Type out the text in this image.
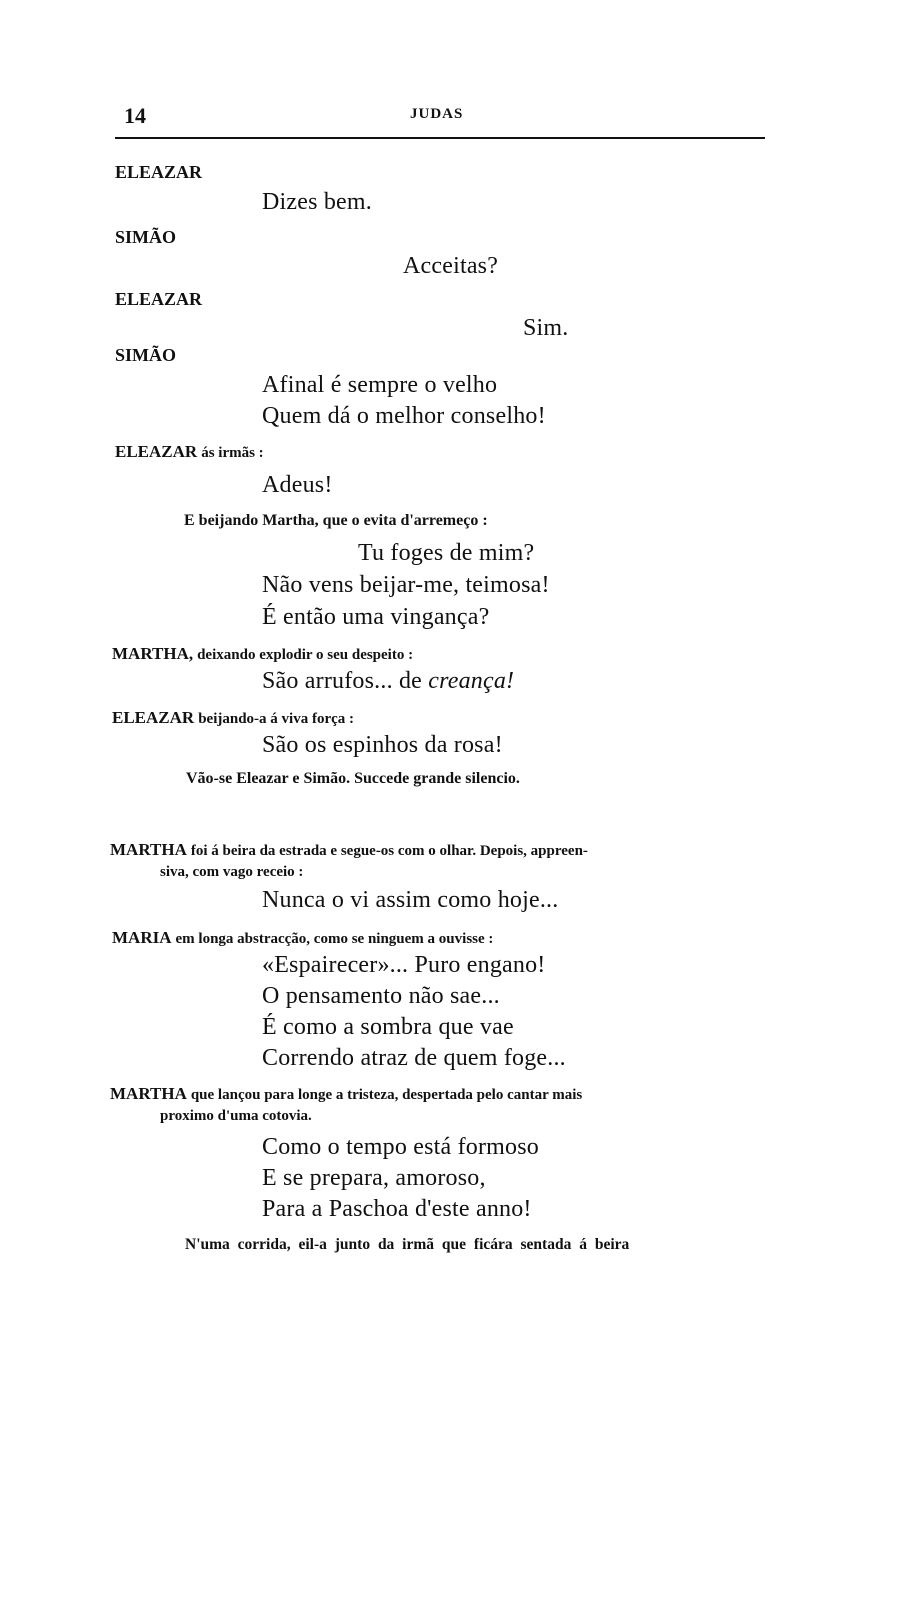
14	JUDAS
ELEAZAR
Dizes bem.
SIMÃO
Acceitas?
ELEAZAR
Sim.
SIMÃO
Afinal é sempre o velho
Quem dá o melhor conselho!
ELEAZAR ás irmãs :
Adeus!
E beijando Martha, que o evita d'arremeço :
Tu foges de mim?
Não vens beijar-me, teimosa!
É então uma vingança?
MARTHA, deixando explodir o seu despeito :
São arrufos... de creança!
ELEAZAR beijando-a á viva força :
São os espinhos da rosa!
Vão-se Eleazar e Simão. Succede grande silencio.
MARTHA foi á beira da estrada e segue-os com o olhar. Depois, appreen-
siva, com vago receio :
Nunca o vi assim como hoje...
MARIA em longa abstracção, como se ninguem a ouvisse :
«Espairecer»... Puro engano!
O pensamento não sae...
É como a sombra que vae
Correndo atraz de quem foge...
MARTHA que lançou para longe a tristeza, despertada pelo cantar mais
proximo d'uma cotovia.
Como o tempo está formoso
E se prepara, amoroso,
Para a Paschoa d'este anno!
N'uma corrida, eil-a junto da irmã que ficára sentada á beira
